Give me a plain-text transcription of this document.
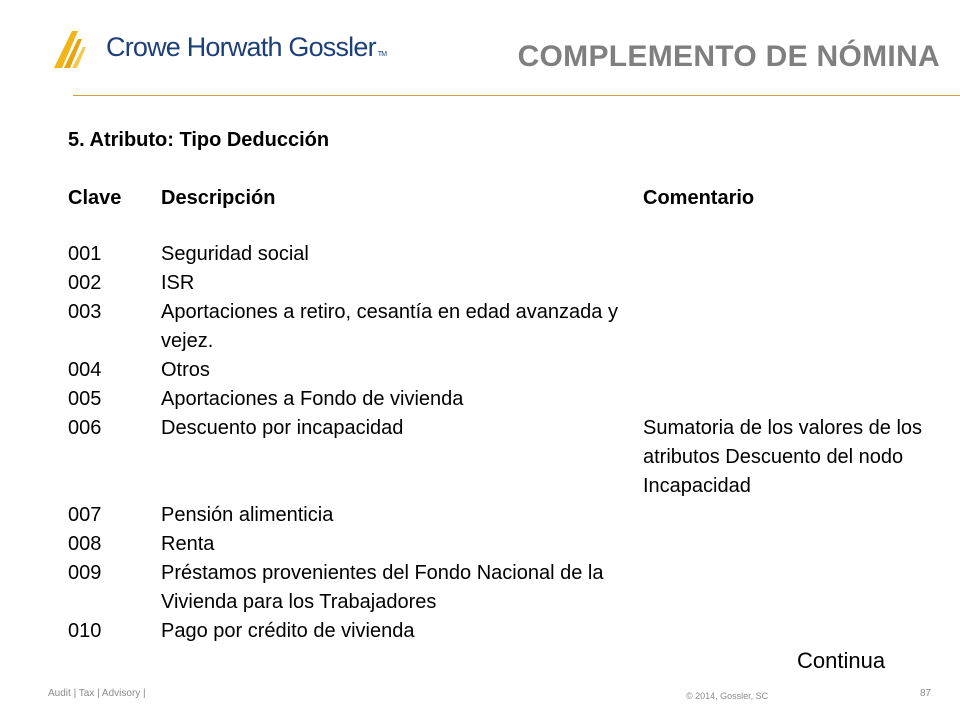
Crowe Horwath Gossler TM	COMPLEMENTO DE NÓMINA
5. Atributo: Tipo Deducción
Clave Descripción	Comentario
001	Seguridad social
002	ISR
003	Aportaciones a retiro, cesantía en edad avanzada y vejez.
004	Otros
005	Aportaciones a Fondo de vivienda
006	Descuento por incapacidad	Sumatoria de los valores de los atributos Descuento del nodo Incapacidad
007	Pensión alimenticia
008	Renta
009	Préstamos provenientes del Fondo Nacional de la Vivienda para los Trabajadores
010	Pago por crédito de vivienda
Continua
Audit | Tax | Advisory |	© 2014, Gossler, SC	87
